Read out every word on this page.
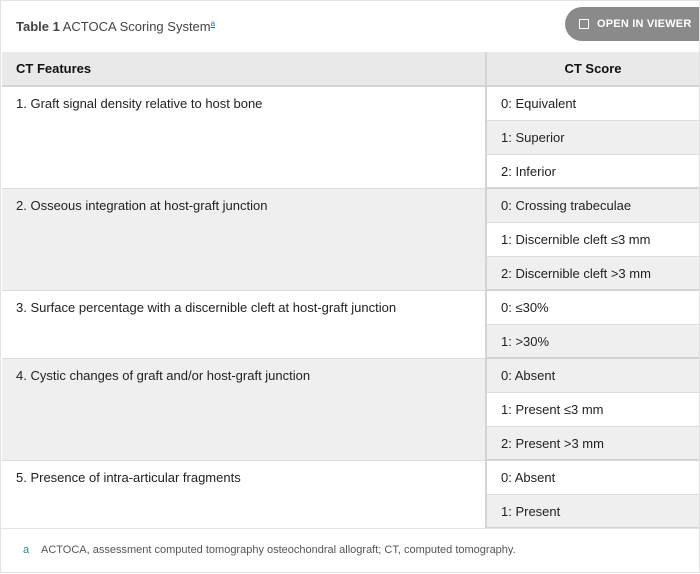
Table 1 ACTOCA Scoring System$^a$	OPEN IN VIEWER
CT Features	CT Score
1. Graft signal density relative to host bone	0: Equivalent
	1: Superior
	2: Inferior
2. Osseous integration at host-graft junction	0: Crossing trabeculae
	1: Discernible cleft ≤3 mm
	2: Discernible cleft >3 mm
3. Surface percentage with a discernible cleft at host-graft junction	0: ≤30%
	1: >30%
4. Cystic changes of graft and/or host-graft junction	0: Absent
	1: Present ≤3 mm
	2: Present >3 mm
5. Presence of intra-articular fragments	0: Absent
	1: Present
a ACTOCA, assessment computed tomography osteochondral allograft; CT, computed tomography.
